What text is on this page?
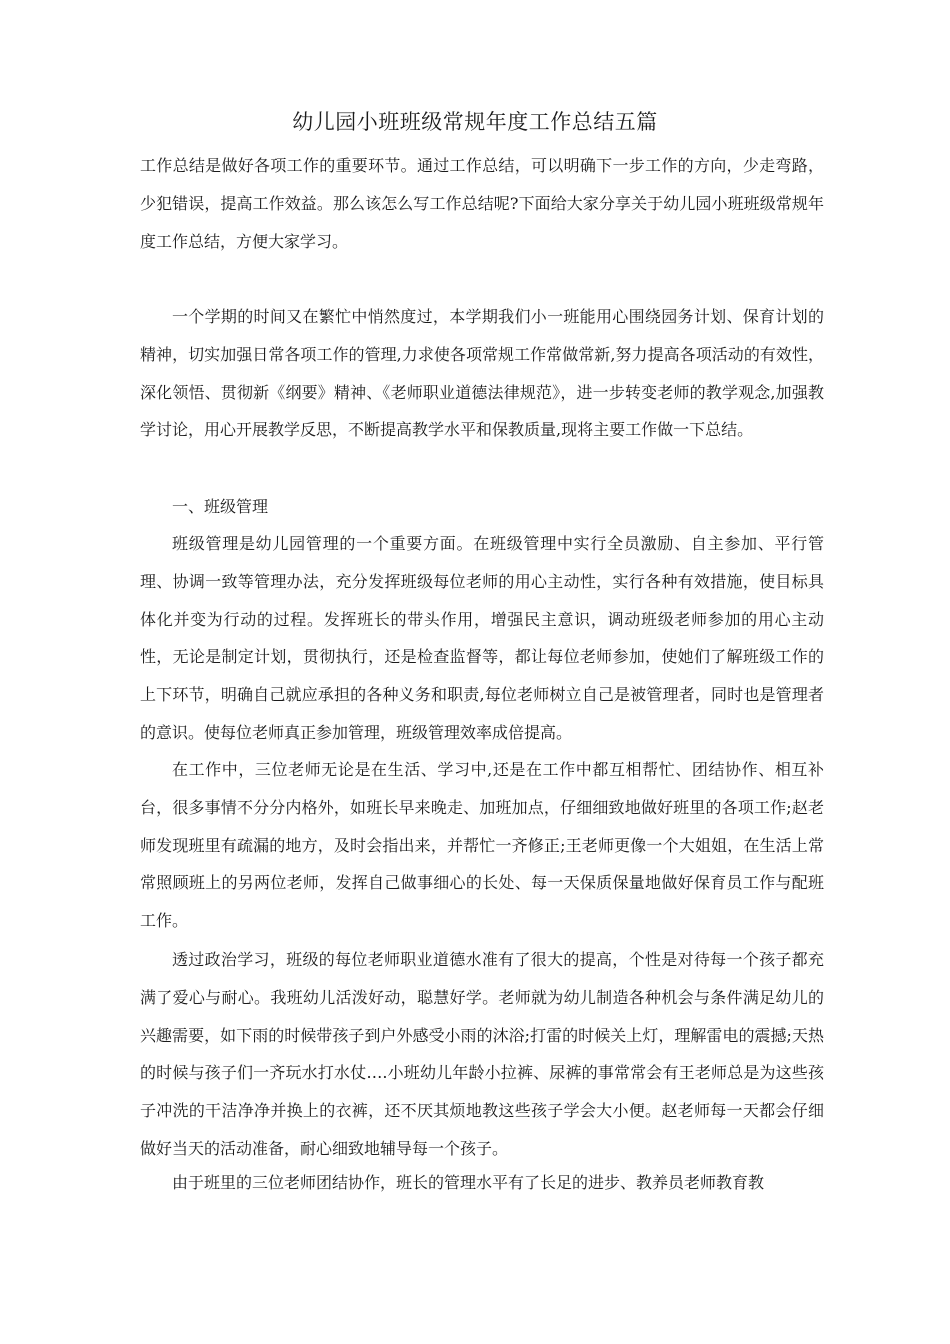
幼儿园小班班级常规年度工作总结五篇

工作总结是做好各项工作的重要环节。通过工作总结，可以明确下一步工作的方向，少走弯路，少犯错误，提高工作效益。那么该怎么写工作总结呢?下面给大家分享关于幼儿园小班班级常规年度工作总结，方便大家学习。

一个学期的时间又在繁忙中悄然度过，本学期我们小一班能用心围绕园务计划、保育计划的精神，切实加强日常各项工作的管理,力求使各项常规工作常做常新,努力提高各项活动的有效性，深化领悟、贯彻新《纲要》精神、《老师职业道德法律规范》，进一步转变老师的教学观念,加强教学讨论，用心开展教学反思，不断提高教学水平和保教质量,现将主要工作做一下总结。

一、班级管理

班级管理是幼儿园管理的一个重要方面。在班级管理中实行全员激励、自主参加、平行管理、协调一致等管理办法，充分发挥班级每位老师的用心主动性，实行各种有效措施，使目标具体化并变为行动的过程。发挥班长的带头作用，增强民主意识，调动班级老师参加的用心主动性，无论是制定计划，贯彻执行，还是检查监督等，都让每位老师参加，使她们了解班级工作的上下环节，明确自己就应承担的各种义务和职责,每位老师树立自己是被管理者，同时也是管理者的意识。使每位老师真正参加管理，班级管理效率成倍提高。

在工作中，三位老师无论是在生活、学习中,还是在工作中都互相帮忙、团结协作、相互补台，很多事情不分分内格外，如班长早来晚走、加班加点，仔细细致地做好班里的各项工作;赵老师发现班里有疏漏的地方，及时会指出来，并帮忙一齐修正;王老师更像一个大姐姐，在生活上常常照顾班上的另两位老师，发挥自己做事细心的长处、每一天保质保量地做好保育员工作与配班工作。

透过政治学习，班级的每位老师职业道德水准有了很大的提高，个性是对待每一个孩子都充满了爱心与耐心。我班幼儿活泼好动，聪慧好学。老师就为幼儿制造各种机会与条件满足幼儿的兴趣需要，如下雨的时候带孩子到户外感受小雨的沐浴;打雷的时候关上灯，理解雷电的震撼;天热的时候与孩子们一齐玩水打水仗….小班幼儿年龄小拉裤、尿裤的事常常会有王老师总是为这些孩子冲洗的干洁净净并换上的衣裤，还不厌其烦地教这些孩子学会大小便。赵老师每一天都会仔细做好当天的活动准备，耐心细致地辅导每一个孩子。

由于班里的三位老师团结协作，班长的管理水平有了长足的进步、教养员老师教育教
